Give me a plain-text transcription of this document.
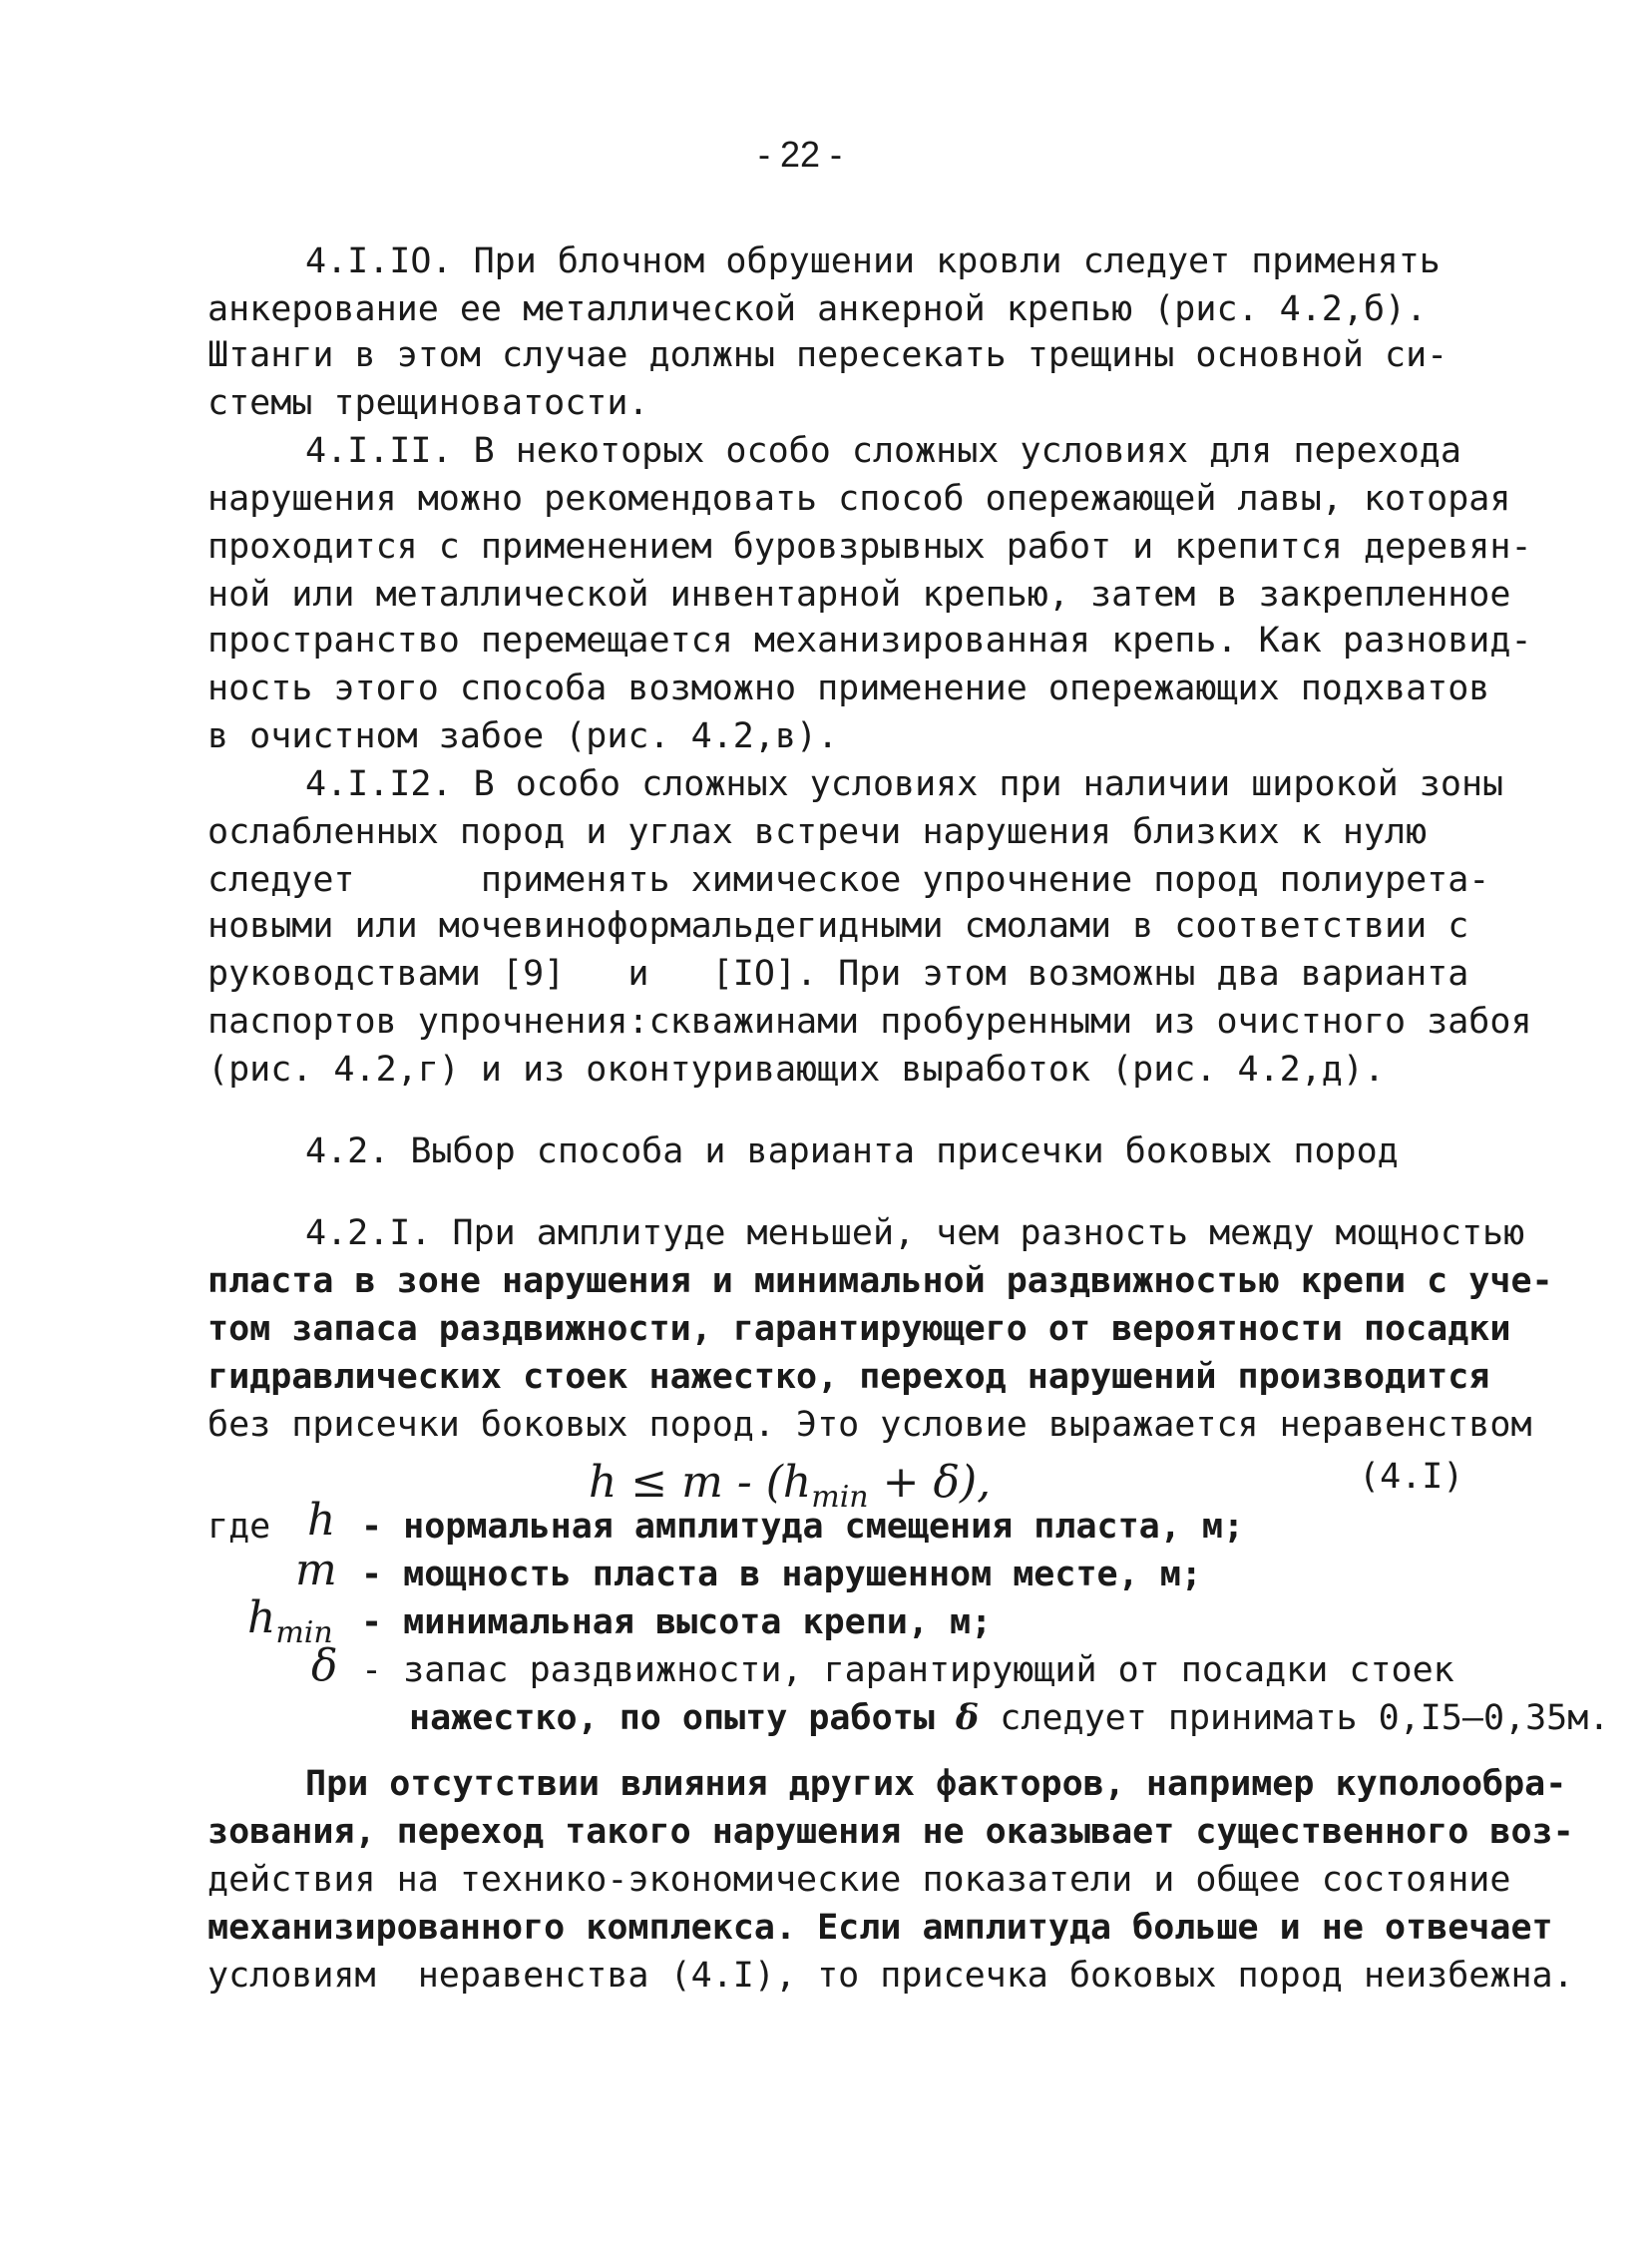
- 22 -
4.I.IO. При блочном обрушении кровли следует применять
анкерование ее металлической анкерной крепью (рис. 4.2,б).
Штанги в этом случае должны пересекать трещины основной си-
стемы трещиноватости.
4.I.II. В некоторых особо сложных условиях для перехода
нарушения можно рекомендовать способ опережающей лавы, которая
проходится с применением буровзрывных работ и крепится деревян-
ной или металлической инвентарной крепью, затем в закрепленное
пространство перемещается механизированная крепь. Как разновид-
ность этого способа возможно применение опережающих подхватов
в очистном забое (рис. 4.2,в).
4.I.I2. В особо сложных условиях при наличии широкой зоны
ослабленных пород и углах встречи нарушения близких к нулю
следует      применять химическое упрочнение пород полиурета-
новыми или мочевиноформальдегидными смолами в соответствии с
руководствами [9]   и   [IO]. При этом возможны два варианта
паспортов упрочнения:скважинами пробуренными из очистного забоя
(рис. 4.2,г) и из оконтуривающих выработок (рис. 4.2,д).
4.2. Выбор способа и варианта присечки боковых пород
4.2.I. При амплитуде меньшей, чем разность между мощностью
пласта в зоне нарушения и минимальной раздвижностью крепи с уче-
том запаса раздвижности, гарантирующего от вероятности посадки
гидравлических стоек нажестко, переход нарушений производится
без присечки боковых пород. Это условие выражается неравенством
$h \le m - (h_{min} + \delta)$,	(4.I)
где h - нормальная амплитуда смещения пласта, м;
m - мощность пласта в нарушенном месте, м;
$h_{min}$ - минимальная высота крепи, м;
δ - запас раздвижности, гарантирующий от посадки стоек
нажестко, по опыту работы δ следует принимать 0,I5–0,35м.
При отсутствии влияния других факторов, например куполообра-
зования, переход такого нарушения не оказывает существенного воз-
действия на технико-экономические показатели и общее состояние
механизированного комплекса. Если амплитуда больше и не отвечает
условиям  неравенства (4.I), то присечка боковых пород неизбежна.
